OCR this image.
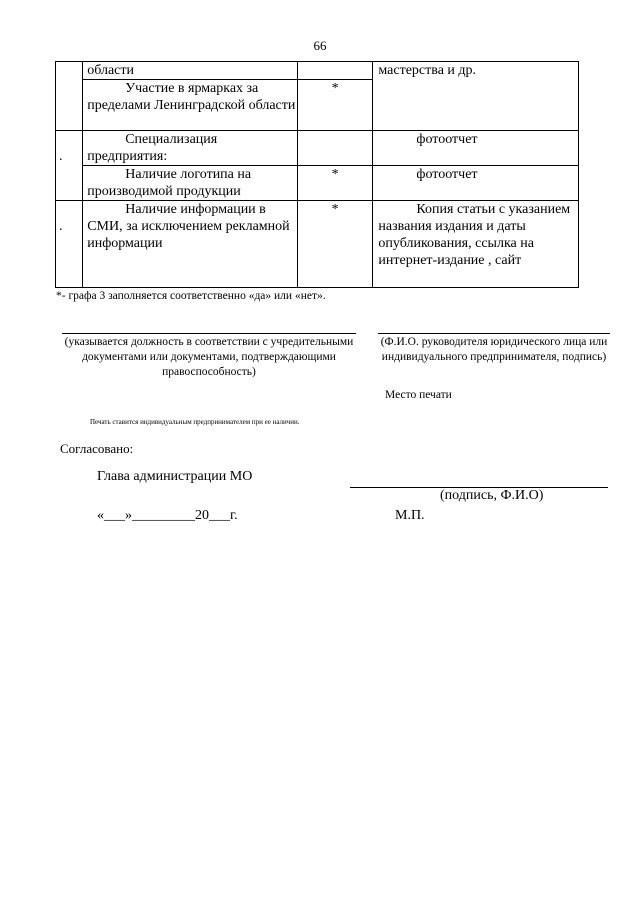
66
	области		мастерства и др.

	Участие в ярмарках за пределами Ленинградской области	*	

.	Специализация предприятия:		фотоотчет

	Наличие логотипа на производимой продукции	*	фотоотчет

.	Наличие информации в СМИ, за исключением рекламной информации	*	Копия статьи с указанием названия издания и даты опубликования, ссылка на интернет-издание , сайт
*- графа 3 заполняется соответственно «да» или «нет».
(указывается должность в соответствии с учредительными документами или документами, подтверждающими правоспособность)
(Ф.И.О. руководителя юридического лица или индивидуального предпринимателя, подпись)
Место печати
Печать ставится индивидуальным предпринимателем при ее наличии.
Согласовано:
Глава администрации МО
(подпись, Ф.И.О)
«___»_________20___г.	М.П.
